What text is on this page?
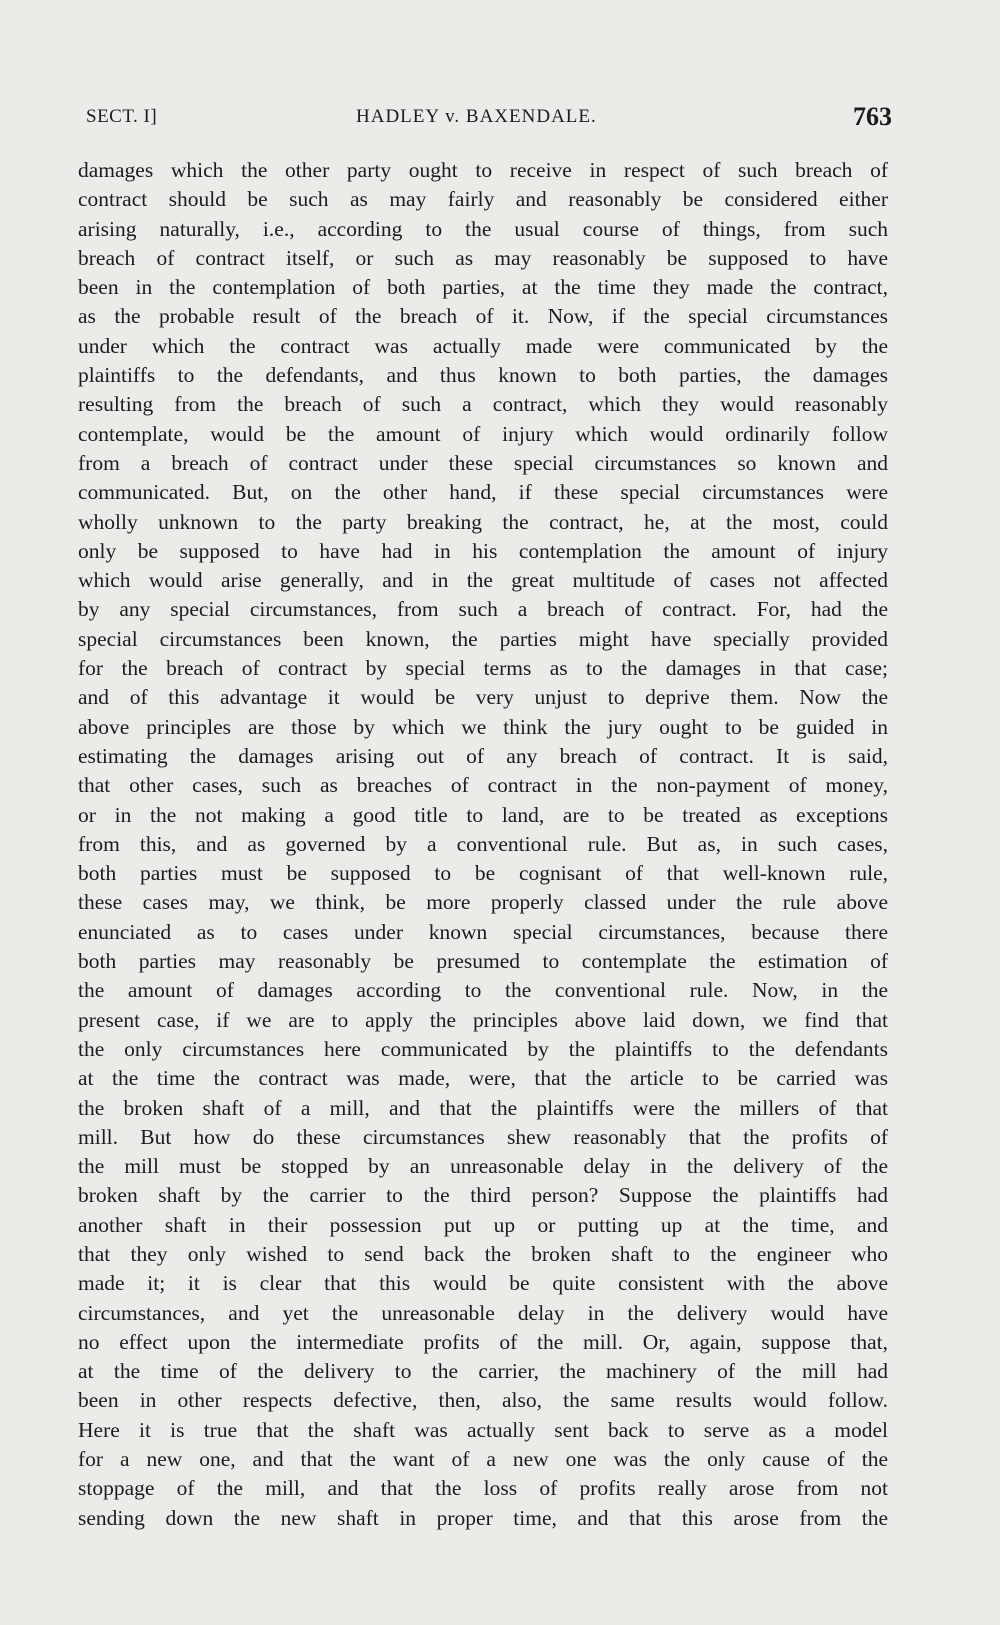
SECT. I]	HADLEY v. BAXENDALE.	763
damages which the other party ought to receive in respect of such breach of
contract should be such as may fairly and reasonably be considered either
arising naturally, i.e., according to the usual course of things, from such
breach of contract itself, or such as may reasonably be supposed to have
been in the contemplation of both parties, at the time they made the contract,
as the probable result of the breach of it. Now, if the special circumstances
under which the contract was actually made were communicated by the
plaintiffs to the defendants, and thus known to both parties, the damages
resulting from the breach of such a contract, which they would reasonably
contemplate, would be the amount of injury which would ordinarily follow
from a breach of contract under these special circumstances so known and
communicated. But, on the other hand, if these special circumstances were
wholly unknown to the party breaking the contract, he, at the most, could
only be supposed to have had in his contemplation the amount of injury
which would arise generally, and in the great multitude of cases not affected
by any special circumstances, from such a breach of contract. For, had the
special circumstances been known, the parties might have specially provided
for the breach of contract by special terms as to the damages in that case;
and of this advantage it would be very unjust to deprive them. Now the
above principles are those by which we think the jury ought to be guided in
estimating the damages arising out of any breach of contract. It is said,
that other cases, such as breaches of contract in the non-payment of money,
or in the not making a good title to land, are to be treated as exceptions
from this, and as governed by a conventional rule. But as, in such cases,
both parties must be supposed to be cognisant of that well-known rule,
these cases may, we think, be more properly classed under the rule above
enunciated as to cases under known special circumstances, because there
both parties may reasonably be presumed to contemplate the estimation of
the amount of damages according to the conventional rule. Now, in the
present case, if we are to apply the principles above laid down, we find that
the only circumstances here communicated by the plaintiffs to the defendants
at the time the contract was made, were, that the article to be carried was
the broken shaft of a mill, and that the plaintiffs were the millers of that
mill. But how do these circumstances shew reasonably that the profits of
the mill must be stopped by an unreasonable delay in the delivery of the
broken shaft by the carrier to the third person? Suppose the plaintiffs had
another shaft in their possession put up or putting up at the time, and
that they only wished to send back the broken shaft to the engineer who
made it; it is clear that this would be quite consistent with the above
circumstances, and yet the unreasonable delay in the delivery would have
no effect upon the intermediate profits of the mill. Or, again, suppose that,
at the time of the delivery to the carrier, the machinery of the mill had
been in other respects defective, then, also, the same results would follow.
Here it is true that the shaft was actually sent back to serve as a model
for a new one, and that the want of a new one was the only cause of the
stoppage of the mill, and that the loss of profits really arose from not
sending down the new shaft in proper time, and that this arose from the
